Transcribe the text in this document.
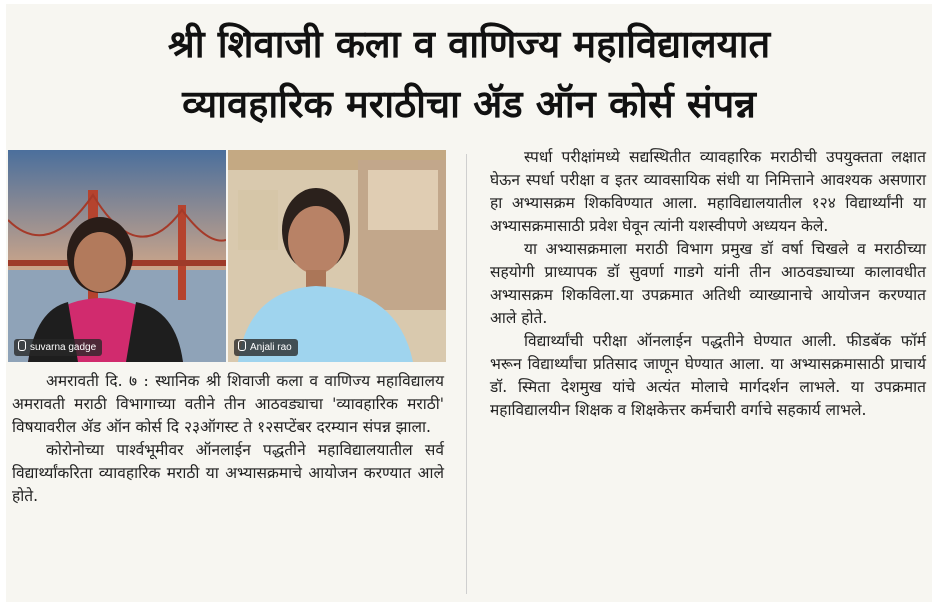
श्री शिवाजी कला व वाणिज्य महाविद्यालयात
व्यावहारिक मराठीचा ॲड ऑन कोर्स संपन्न
suvarna gadge	Anjali rao

अमरावती दि. ७ : स्थानिक श्री शिवाजी कला व वाणिज्य महाविद्यालय अमरावती मराठी विभागाच्या वतीने तीन आठवड्याचा 'व्यावहारिक मराठी' विषयावरील ॲड ऑन कोर्स दि २३ऑगस्ट ते १२सप्टेंबर दरम्यान संपन्न झाला.

कोरोनोच्या पार्श्वभूमीवर ऑनलाईन पद्धतीने महाविद्यालयातील सर्व विद्यार्थ्यांकरिता व्यावहारिक मराठी या अभ्यासक्रमाचे आयोजन करण्यात आले होते.

स्पर्धा परीक्षांमध्ये सद्यस्थितीत व्यावहारिक मराठीची उपयुक्तता लक्षात घेऊन स्पर्धा परीक्षा व इतर व्यावसायिक संधी या निमित्ताने आवश्यक असणारा हा अभ्यासक्रम शिकविण्यात आला. महाविद्यालयातील १२४ विद्यार्थ्यांनी या अभ्यासक्रमासाठी प्रवेश घेवून त्यांनी यशस्वीपणे अध्ययन केले.

या अभ्यासक्रमाला मराठी विभाग प्रमुख डॉ वर्षा चिखले व मराठीच्या सहयोगी प्राध्यापक डॉ सुवर्णा गाडगे यांनी तीन आठवड्याच्या कालावधीत अभ्यासक्रम शिकविला.या उपक्रमात अतिथी व्याख्यानाचे आयोजन करण्यात आले होते.

विद्यार्थ्यांची परीक्षा ऑनलाईन पद्धतीने घेण्यात आली. फीडबॅक फॉर्म भरून विद्यार्थ्यांचा प्रतिसाद जाणून घेण्यात आला. या अभ्यासक्रमासाठी प्राचार्य डॉ. स्मिता देशमुख यांचे अत्यंत मोलाचे मार्गदर्शन लाभले. या उपक्रमात महाविद्यालयीन शिक्षक व शिक्षकेत्तर कर्मचारी वर्गाचे सहकार्य लाभले.
